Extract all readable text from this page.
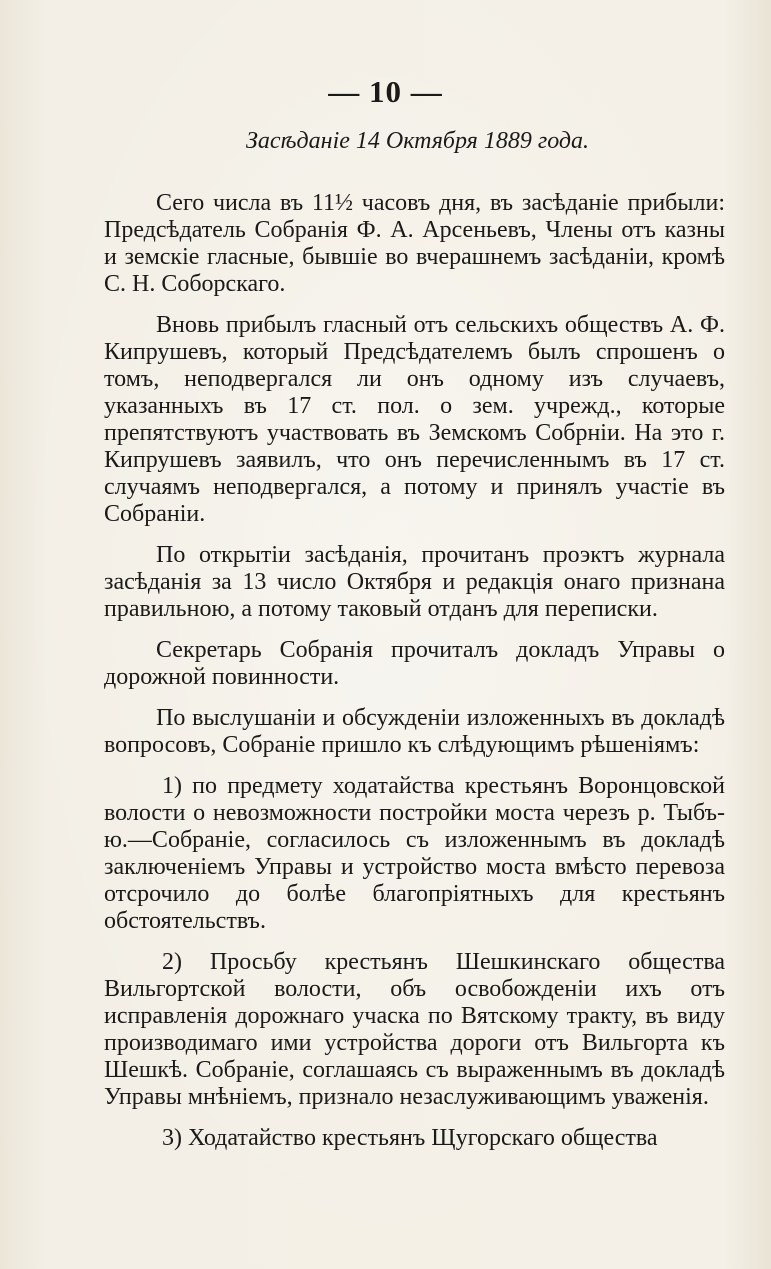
— 10 —
Засѣданіе 14 Октября 1889 года.

Сего числа въ 11½ часовъ дня, въ засѣданіе прибыли: Предсѣдатель Собранія Ф. А. Арсеньевъ, Члены отъ казны и земскіе гласные, бывшіе во вчерашнемъ засѣданіи, кромѣ С. Н. Соборскаго.

Вновь прибылъ гласный отъ сельскихъ обществъ А. Ф. Кипрушевъ, который Предсѣдателемъ былъ спрошенъ о томъ, неподвергался ли онъ одному изъ случаевъ, указанныхъ въ 17 ст. пол. о зем. учрежд., которые препятствуютъ участвовать въ Земскомъ Собрніи. На это г. Кипрушевъ заявилъ, что онъ перечисленнымъ въ 17 ст. случаямъ неподвергался, а потому и принялъ участіе въ Собраніи.

По открытіи засѣданія, прочитанъ проэктъ журнала засѣданія за 13 число Октября и редакція онаго признана правильною, а потому таковый отданъ для переписки.

Секретарь Собранія прочиталъ докладъ Управы о дорожной повинности.

По выслушаніи и обсужденіи изложенныхъ въ докладѣ вопросовъ, Собраніе пришло къ слѣдующимъ рѣшеніямъ:

1) по предмету ходатайства крестьянъ Воронцовской волости о невозможности постройки моста черезъ р. Тыбъ-ю.—Собраніе, согласилось съ изложеннымъ въ докладѣ заключеніемъ Управы и устройство моста вмѣсто перевоза отсрочило до болѣе благопріятныхъ для крестьянъ обстоятельствъ.

2) Просьбу крестьянъ Шешкинскаго общества Вильгортской волости, объ освобожденіи ихъ отъ исправленія дорожнаго учаска по Вятскому тракту, въ виду производимаго ими устройства дороги отъ Вильгорта къ Шешкѣ. Собраніе, соглашаясь съ выраженнымъ въ докладѣ Управы мнѣніемъ, признало незаслуживающимъ уваженія.

3) Ходатайство крестьянъ Щугорскаго общества
